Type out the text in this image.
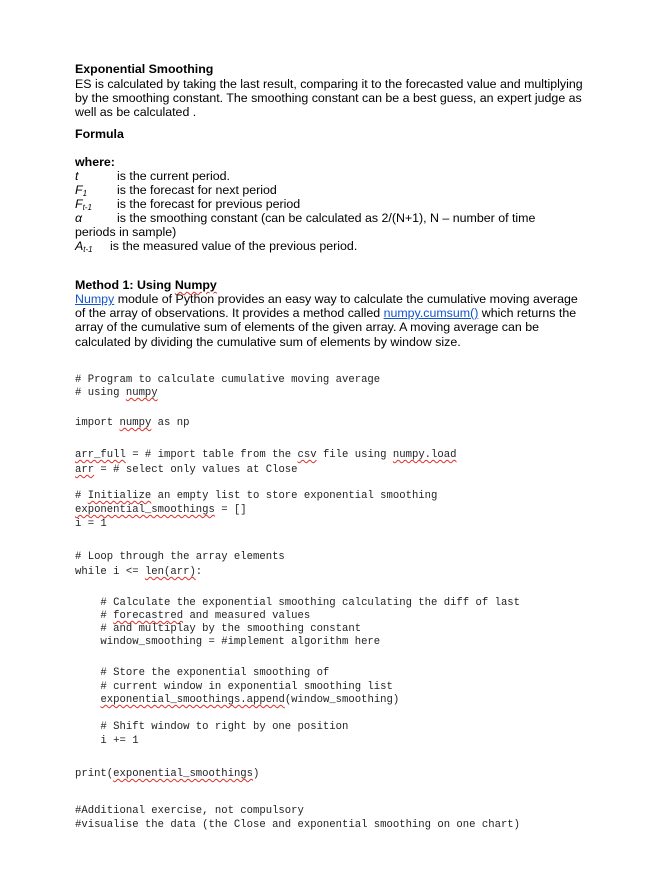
Exponential Smoothing
ES is calculated by taking the last result, comparing it to the forecasted value and multiplying by the smoothing constant. The smoothing constant can be a best guess, an expert judge as well as be calculated .
Formula
where:
t	is the current period.
$F_1$ is the forecast for next period
$F_{t-1}$ is the forecast for previous period
α	is the smoothing constant (can be calculated as 2/(N+1), N – number of time
periods in sample)
$A_{t-1}$ is the measured value of the previous period.
Method 1: Using Numpy
Numpy module of Python provides an easy way to calculate the cumulative moving average of the array of observations. It provides a method called numpy.cumsum() which returns the array of the cumulative sum of elements of the given array. A moving average can be calculated by dividing the cumulative sum of elements by window size.
# Program to calculate cumulative moving average
# using numpy
import numpy as np
arr_full = # import table from the csv file using numpy.load
arr = # select only values at Close
# Initialize an empty list to store exponential smoothing
exponential_smoothings = []
i = 1
# Loop through the array elements
while i <= len(arr):
# Calculate the exponential smoothing calculating the diff of last
# forecastred and measured values
# and multiplay by the smoothing constant
window_smoothing = #implement algorithm here
# Store the exponential smoothing of
# current window in exponential smoothing list
exponential_smoothings.append(window_smoothing)
# Shift window to right by one position
i += 1
print(exponential_smoothings)
#Additional exercise, not compulsory
#visualise the data (the Close and exponential smoothing on one chart)
